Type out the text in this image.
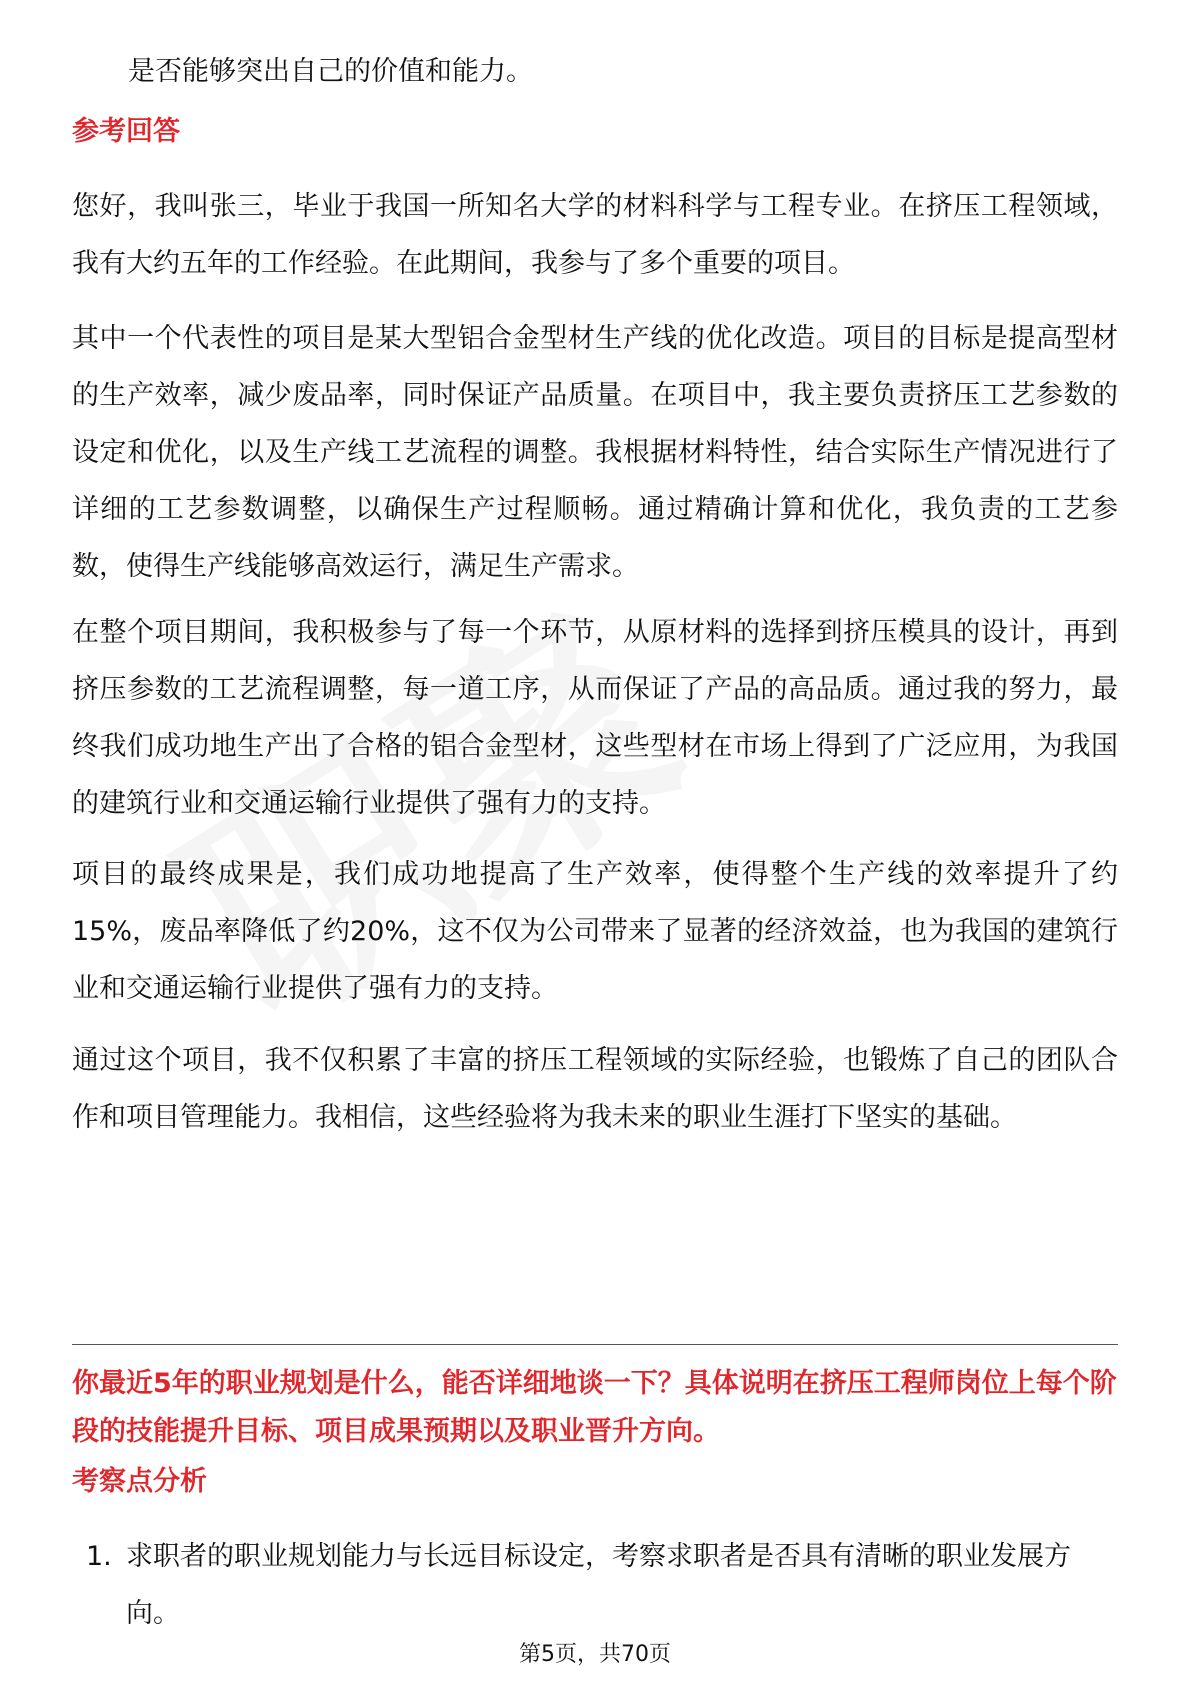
是否能够突出自己的价值和能力。

参考回答

您好，我叫张三，毕业于我国一所知名大学的材料科学与工程专业。在挤压工程领域，我有大约五年的工作经验。在此期间，我参与了多个重要的项目。

其中一个代表性的项目是某大型铝合金型材生产线的优化改造。项目的目标是提高型材的生产效率，减少废品率，同时保证产品质量。在项目中，我主要负责挤压工艺参数的设定和优化，以及生产线工艺流程的调整。我根据材料特性，结合实际生产情况进行了详细的工艺参数调整，以确保生产过程顺畅。通过精确计算和优化，我负责的工艺参数，使得生产线能够高效运行，满足生产需求。

在整个项目期间，我积极参与了每一个环节，从原材料的选择到挤压模具的设计，再到挤压参数的工艺流程调整，每一道工序，从而保证了产品的高品质。通过我的努力，最终我们成功地生产出了合格的铝合金型材，这些型材在市场上得到了广泛应用，为我国的建筑行业和交通运输行业提供了强有力的支持。

项目的最终成果是，我们成功地提高了生产效率，使得整个生产线的效率提升了约15%，废品率降低了约20%，这不仅为公司带来了显著的经济效益，也为我国的建筑行业和交通运输行业提供了强有力的支持。

通过这个项目，我不仅积累了丰富的挤压工程领域的实际经验，也锻炼了自己的团队合作和项目管理能力。我相信，这些经验将为我未来的职业生涯打下坚实的基础。

你最近5年的职业规划是什么，能否详细地谈一下？具体说明在挤压工程师岗位上每个阶段的技能提升目标、项目成果预期以及职业晋升方向。

考察点分析

1. 求职者的职业规划能力与长远目标设定，考察求职者是否具有清晰的职业发展方向。
第5页，共70页
